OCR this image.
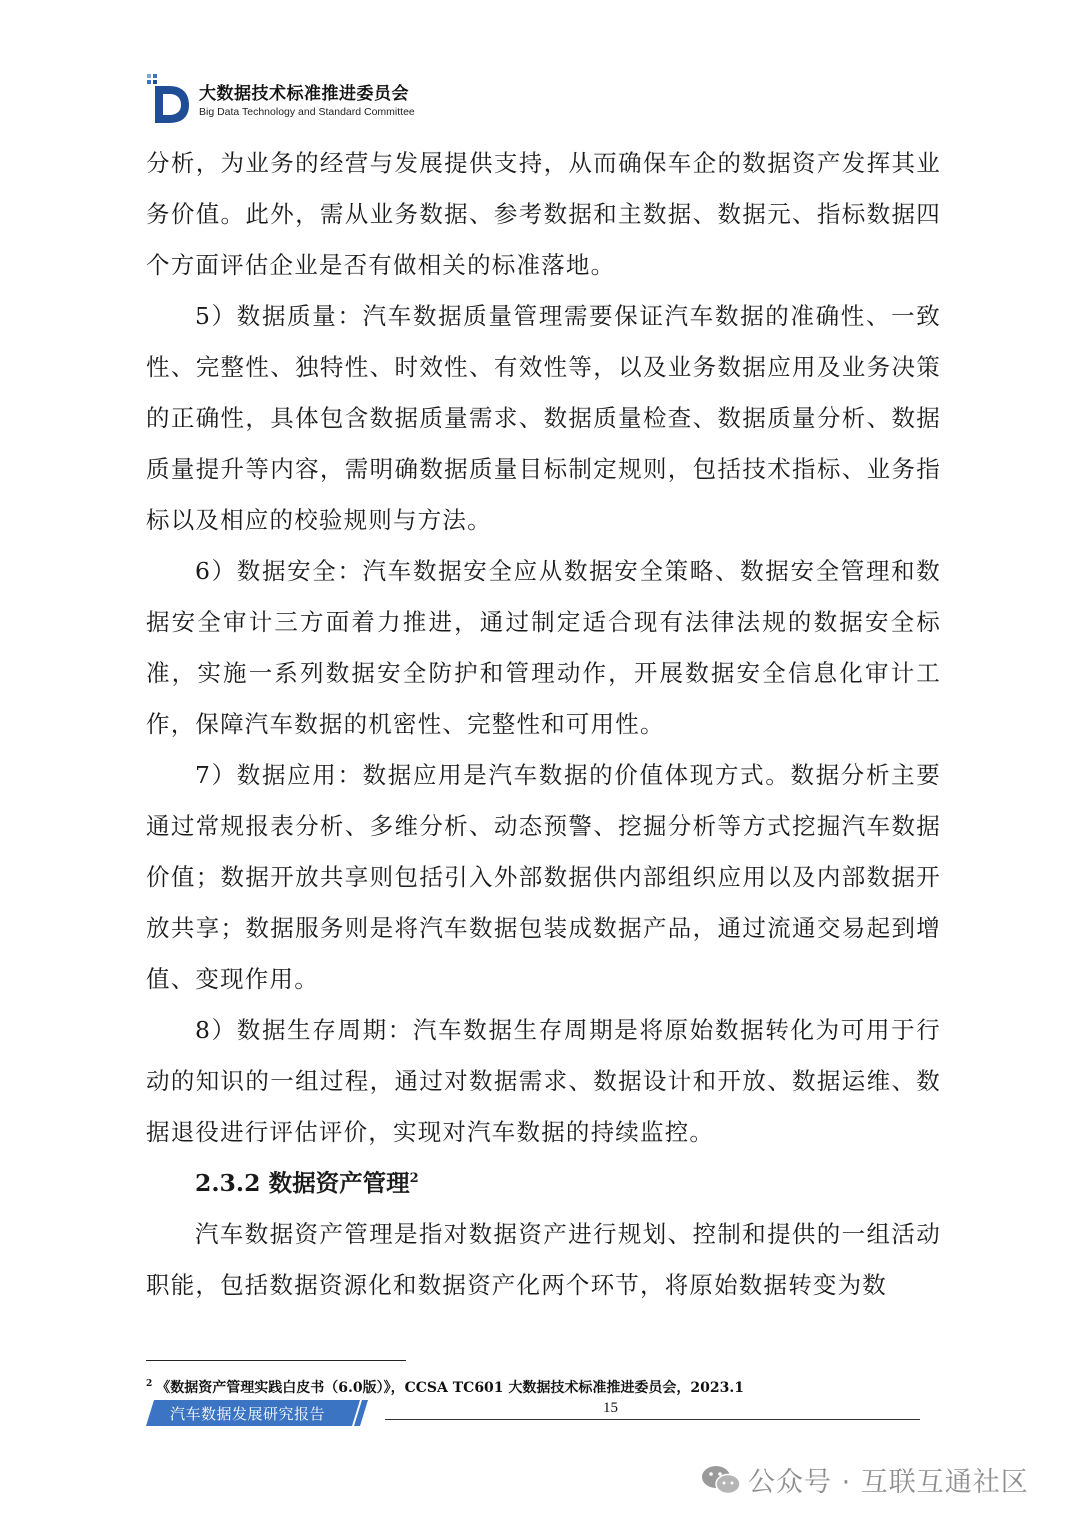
大数据技术标准推进委员会
Big Data Technology and Standard Committee

分析，为业务的经营与发展提供支持，从而确保车企的数据资产发挥其业务价值。此外，需从业务数据、参考数据和主数据、数据元、指标数据四个方面评估企业是否有做相关的标准落地。

5）数据质量：汽车数据质量管理需要保证汽车数据的准确性、一致性、完整性、独特性、时效性、有效性等，以及业务数据应用及业务决策的正确性，具体包含数据质量需求、数据质量检查、数据质量分析、数据质量提升等内容，需明确数据质量目标制定规则，包括技术指标、业务指标以及相应的校验规则与方法。

6）数据安全：汽车数据安全应从数据安全策略、数据安全管理和数据安全审计三方面着力推进，通过制定适合现有法律法规的数据安全标准，实施一系列数据安全防护和管理动作，开展数据安全信息化审计工作，保障汽车数据的机密性、完整性和可用性。

7）数据应用：数据应用是汽车数据的价值体现方式。数据分析主要通过常规报表分析、多维分析、动态预警、挖掘分析等方式挖掘汽车数据价值；数据开放共享则包括引入外部数据供内部组织应用以及内部数据开放共享；数据服务则是将汽车数据包装成数据产品，通过流通交易起到增值、变现作用。

8）数据生存周期：汽车数据生存周期是将原始数据转化为可用于行动的知识的一组过程，通过对数据需求、数据设计和开放、数据运维、数据退役进行评估评价，实现对汽车数据的持续监控。

2.3.2 数据资产管理$^2$

汽车数据资产管理是指对数据资产进行规划、控制和提供的一组活动职能，包括数据资源化和数据资产化两个环节，将原始数据转变为数

$^2$ 《数据资产管理实践白皮书（6.0版）》，CCSA TC601 大数据技术标准推进委员会，2023.1
汽车数据发展研究报告	15
公众号 · 互联互通社区
